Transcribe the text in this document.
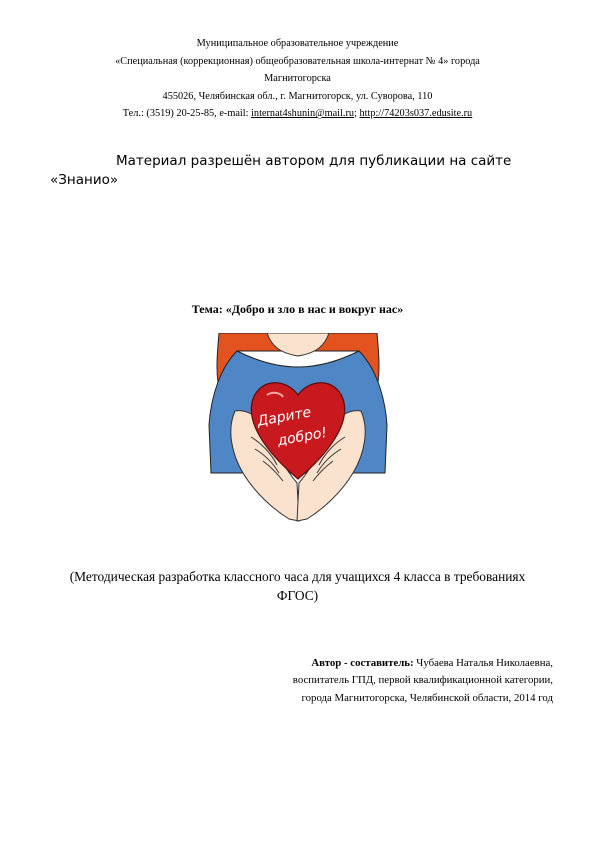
Муниципальное образовательное учреждение
«Специальная (коррекционная) общеобразовательная школа-интернат № 4» города
Магнитогорска
455026, Челябинская обл., г. Магнитогорск, ул. Суворова, 110
Тел.: (3519) 20-25-85, e-mail: internat4shunin@mail.ru; http://74203s037.edusite.ru
Материал разрешён автором для публикации на сайте
«Знанио»
Тема: «Добро и зло в нас и вокруг нас»
Дарите
добро!
(Методическая разработка классного часа для учащихся 4 класса в требованиях
ФГОС)
Автор - составитель: Чубаева Наталья Николаевна,
воспитатель ГПД, первой квалификационной категории,
города Магнитогорска, Челябинской области, 2014 год
